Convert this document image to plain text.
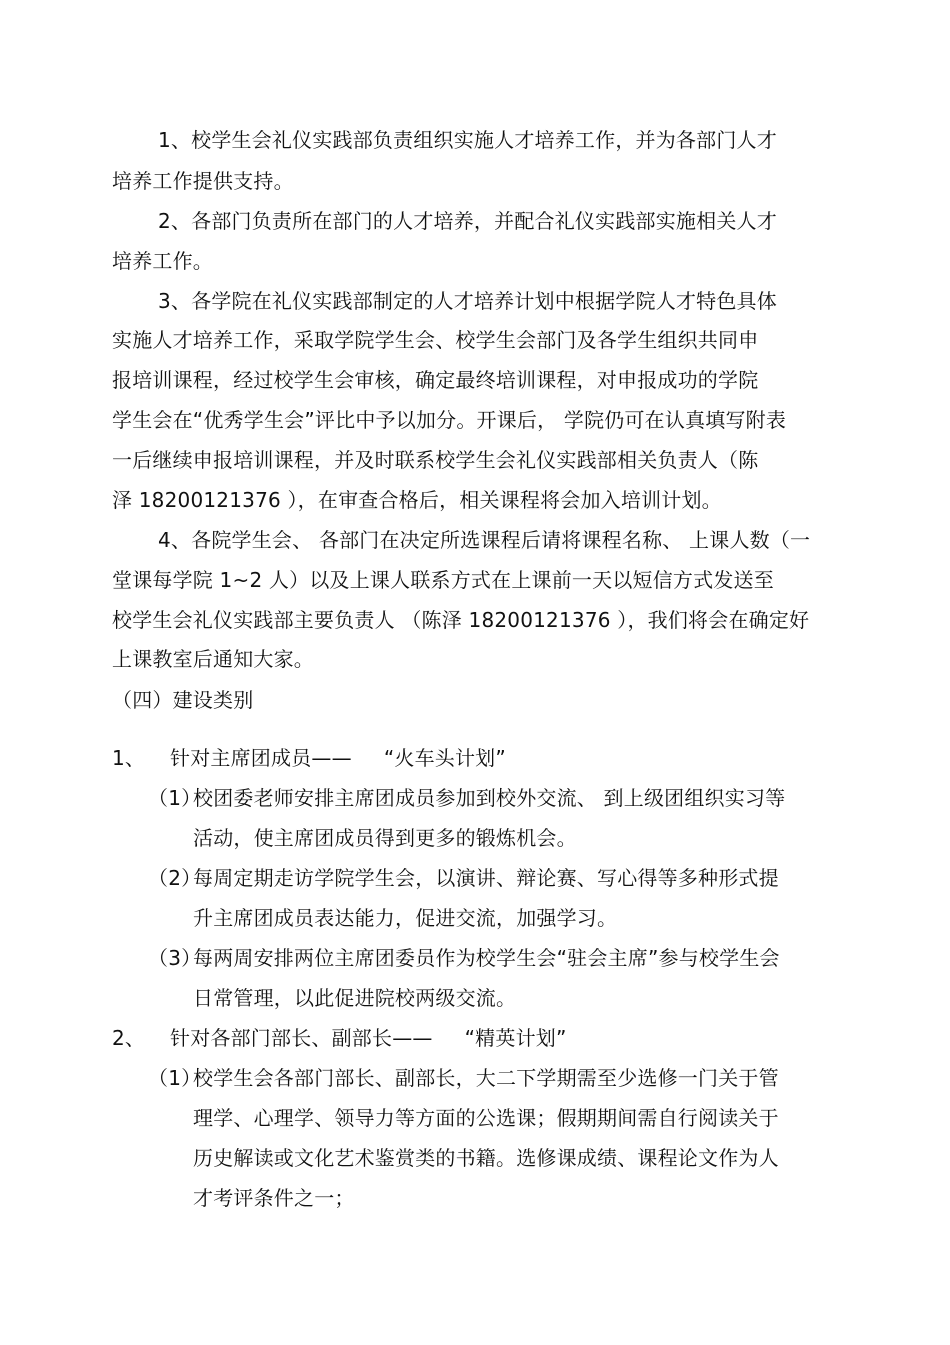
1、校学生会礼仪实践部负责组织实施人才培养工作，并为各部门人才
培养工作提供支持。
2、各部门负责所在部门的人才培养，并配合礼仪实践部实施相关人才
培养工作。
3、各学院在礼仪实践部制定的人才培养计划中根据学院人才特色具体
实施人才培养工作，采取学院学生会、校学生会部门及各学生组织共同申
报培训课程，经过校学生会审核，确定最终培训课程，对申报成功的学院
学生会在“优秀学生会”评比中予以加分。开课后， 学院仍可在认真填写附表
一后继续申报培训课程，并及时联系校学生会礼仪实践部相关负责人（陈
泽 18200121376 ），在审查合格后，相关课程将会加入培训计划。
4、各院学生会、 各部门在决定所选课程后请将课程名称、 上课人数（一
堂课每学院 1~2 人）以及上课人联系方式在上课前一天以短信方式发送至
校学生会礼仪实践部主要负责人 （陈泽 18200121376 ），我们将会在确定好
上课教室后通知大家。
（四）建设类别
1、 针对主席团成员—— “火车头计划”
（1）
校团委老师安排主席团成员参加到校外交流、 到上级团组织实习等
活动，使主席团成员得到更多的锻炼机会。
（2）
每周定期走访学院学生会，以演讲、辩论赛、写心得等多种形式提
升主席团成员表达能力，促进交流，加强学习。
（3）
每两周安排两位主席团委员作为校学生会“驻会主席”参与校学生会
日常管理，以此促进院校两级交流。
2、 针对各部门部长、副部长—— “精英计划”
（1）
校学生会各部门部长、副部长，大二下学期需至少选修一门关于管
理学、心理学、领导力等方面的公选课；假期期间需自行阅读关于
历史解读或文化艺术鉴赏类的书籍。选修课成绩、课程论文作为人
才考评条件之一；
